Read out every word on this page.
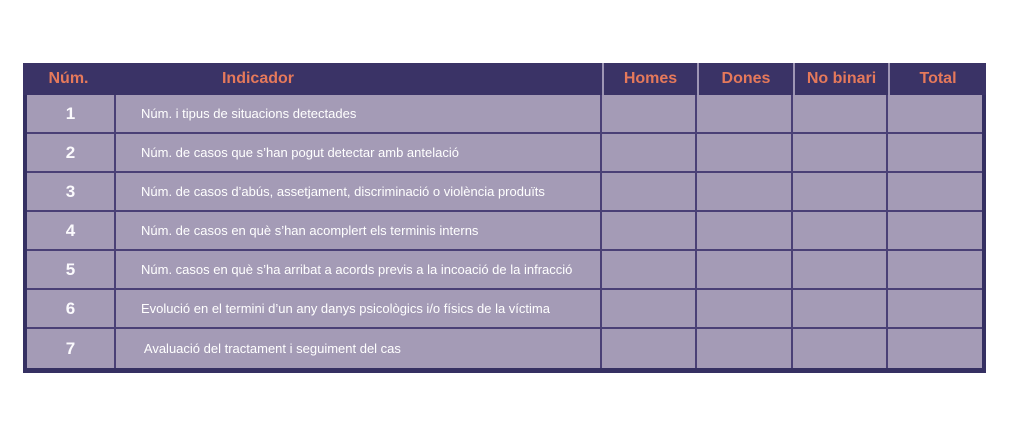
Núm.	Indicador	Homes	Dones	No binari	Total
1	Núm. i tipus de situacions detectades
2	Núm. de casos que s’han pogut detectar amb antelació
3	Núm. de casos d’abús, assetjament, discriminació o violència produïts
4	Núm. de casos en què s’han acomplert els terminis interns
5	Núm. casos en què s’ha arribat a acords previs a la incoació de la infracció
6	Evolució en el termini d’un any danys psicològics i/o físics de la víctima
7	Avaluació del tractament i seguiment del cas
